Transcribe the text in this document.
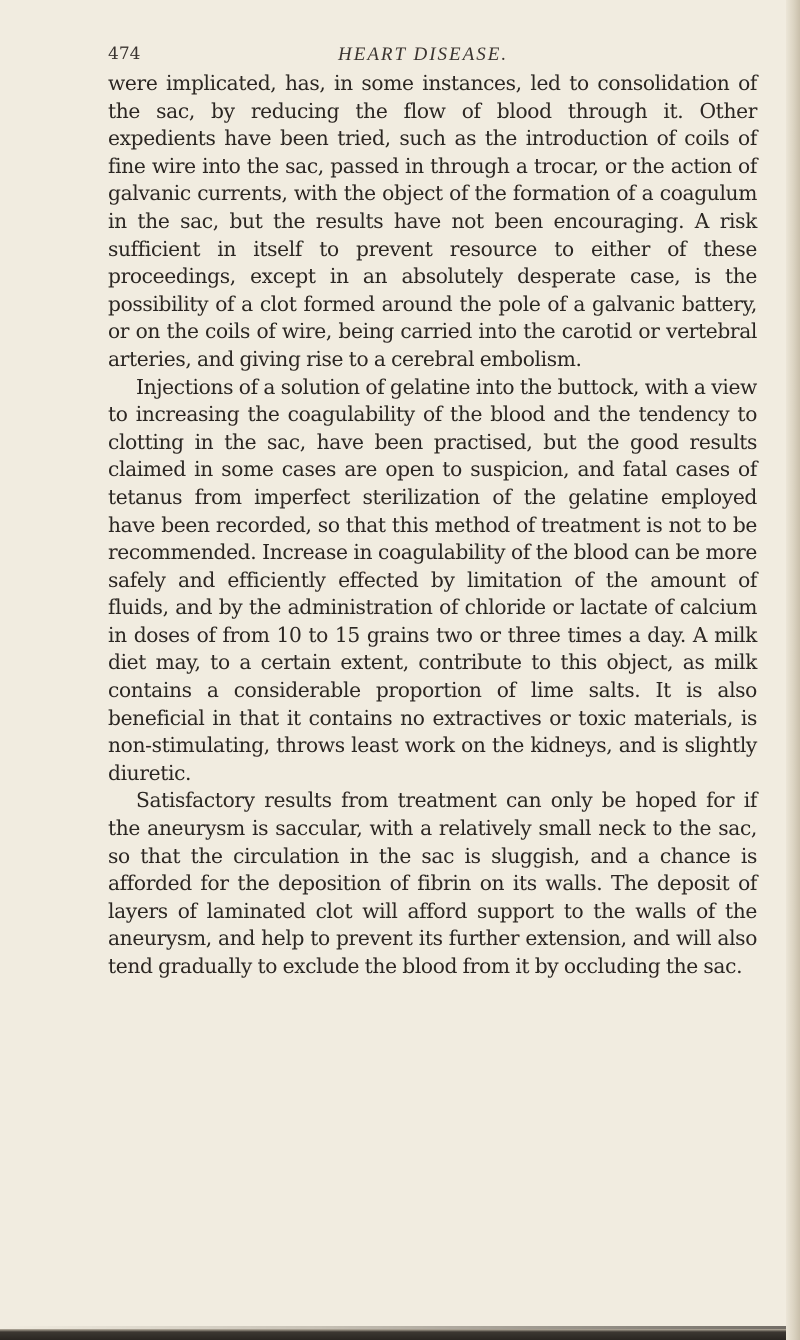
474	HEART DISEASE.

were implicated, has, in some instances, led to consolidation of the sac, by reducing the flow of blood through it. Other expedients have been tried, such as the introduction of coils of fine wire into the sac, passed in through a trocar, or the action of galvanic currents, with the object of the formation of a coagulum in the sac, but the results have not been encouraging. A risk sufficient in itself to prevent resource to either of these proceedings, except in an absolutely desperate case, is the possibility of a clot formed around the pole of a galvanic battery, or on the coils of wire, being carried into the carotid or vertebral arteries, and giving rise to a cerebral embolism.

Injections of a solution of gelatine into the buttock, with a view to increasing the coagulability of the blood and the tendency to clotting in the sac, have been practised, but the good results claimed in some cases are open to suspicion, and fatal cases of tetanus from imperfect sterilization of the gelatine employed have been recorded, so that this method of treatment is not to be recommended. Increase in coagulability of the blood can be more safely and efficiently effected by limitation of the amount of fluids, and by the administration of chloride or lactate of calcium in doses of from 10 to 15 grains two or three times a day. A milk diet may, to a certain extent, contribute to this object, as milk contains a considerable proportion of lime salts. It is also beneficial in that it contains no extractives or toxic materials, is non-stimulating, throws least work on the kidneys, and is slightly diuretic.

Satisfactory results from treatment can only be hoped for if the aneurysm is saccular, with a relatively small neck to the sac, so that the circulation in the sac is sluggish, and a chance is afforded for the deposition of fibrin on its walls. The deposit of layers of laminated clot will afford support to the walls of the aneurysm, and help to prevent its further extension, and will also tend gradually to exclude the blood from it by occluding the sac.
